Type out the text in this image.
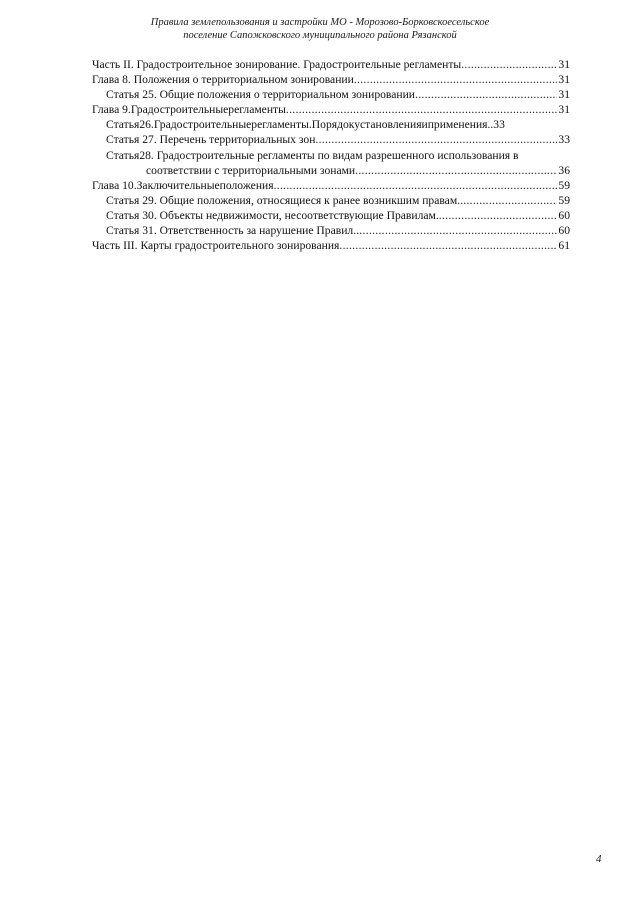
Правила землепользования и застройки МО - Морозово-Борковскоесельское
поселение Сапожковского муниципального района Рязанской
Часть II. Градостроительное зонирование. Градостроительные регламенты .....	31
Глава 8. Положения о территориальном зонировании .....	31
Статья 25. Общие положения о территориальном зонировании .....	31
Глава 9.Градостроительныерегламенты .....	31
Статья26.Градостроительныерегламенты.Порядокустановленияиприменения..33
Статья 27. Перечень территориальных зон .....	33
Статья28. Градостроительные регламенты по видам разрешенного использования в
соответствии с территориальными зонами .....	36
Глава 10.Заключительныеположения .....	59
Статья 29. Общие положения, относящиеся к ранее возникшим правам. .....	59
Статья 30. Объекты недвижимости, несоответствующие Правилам. .....	60
Статья 31. Ответственность за нарушение Правил. .....	60
Часть III. Карты градостроительного зонирования .....	61
4
